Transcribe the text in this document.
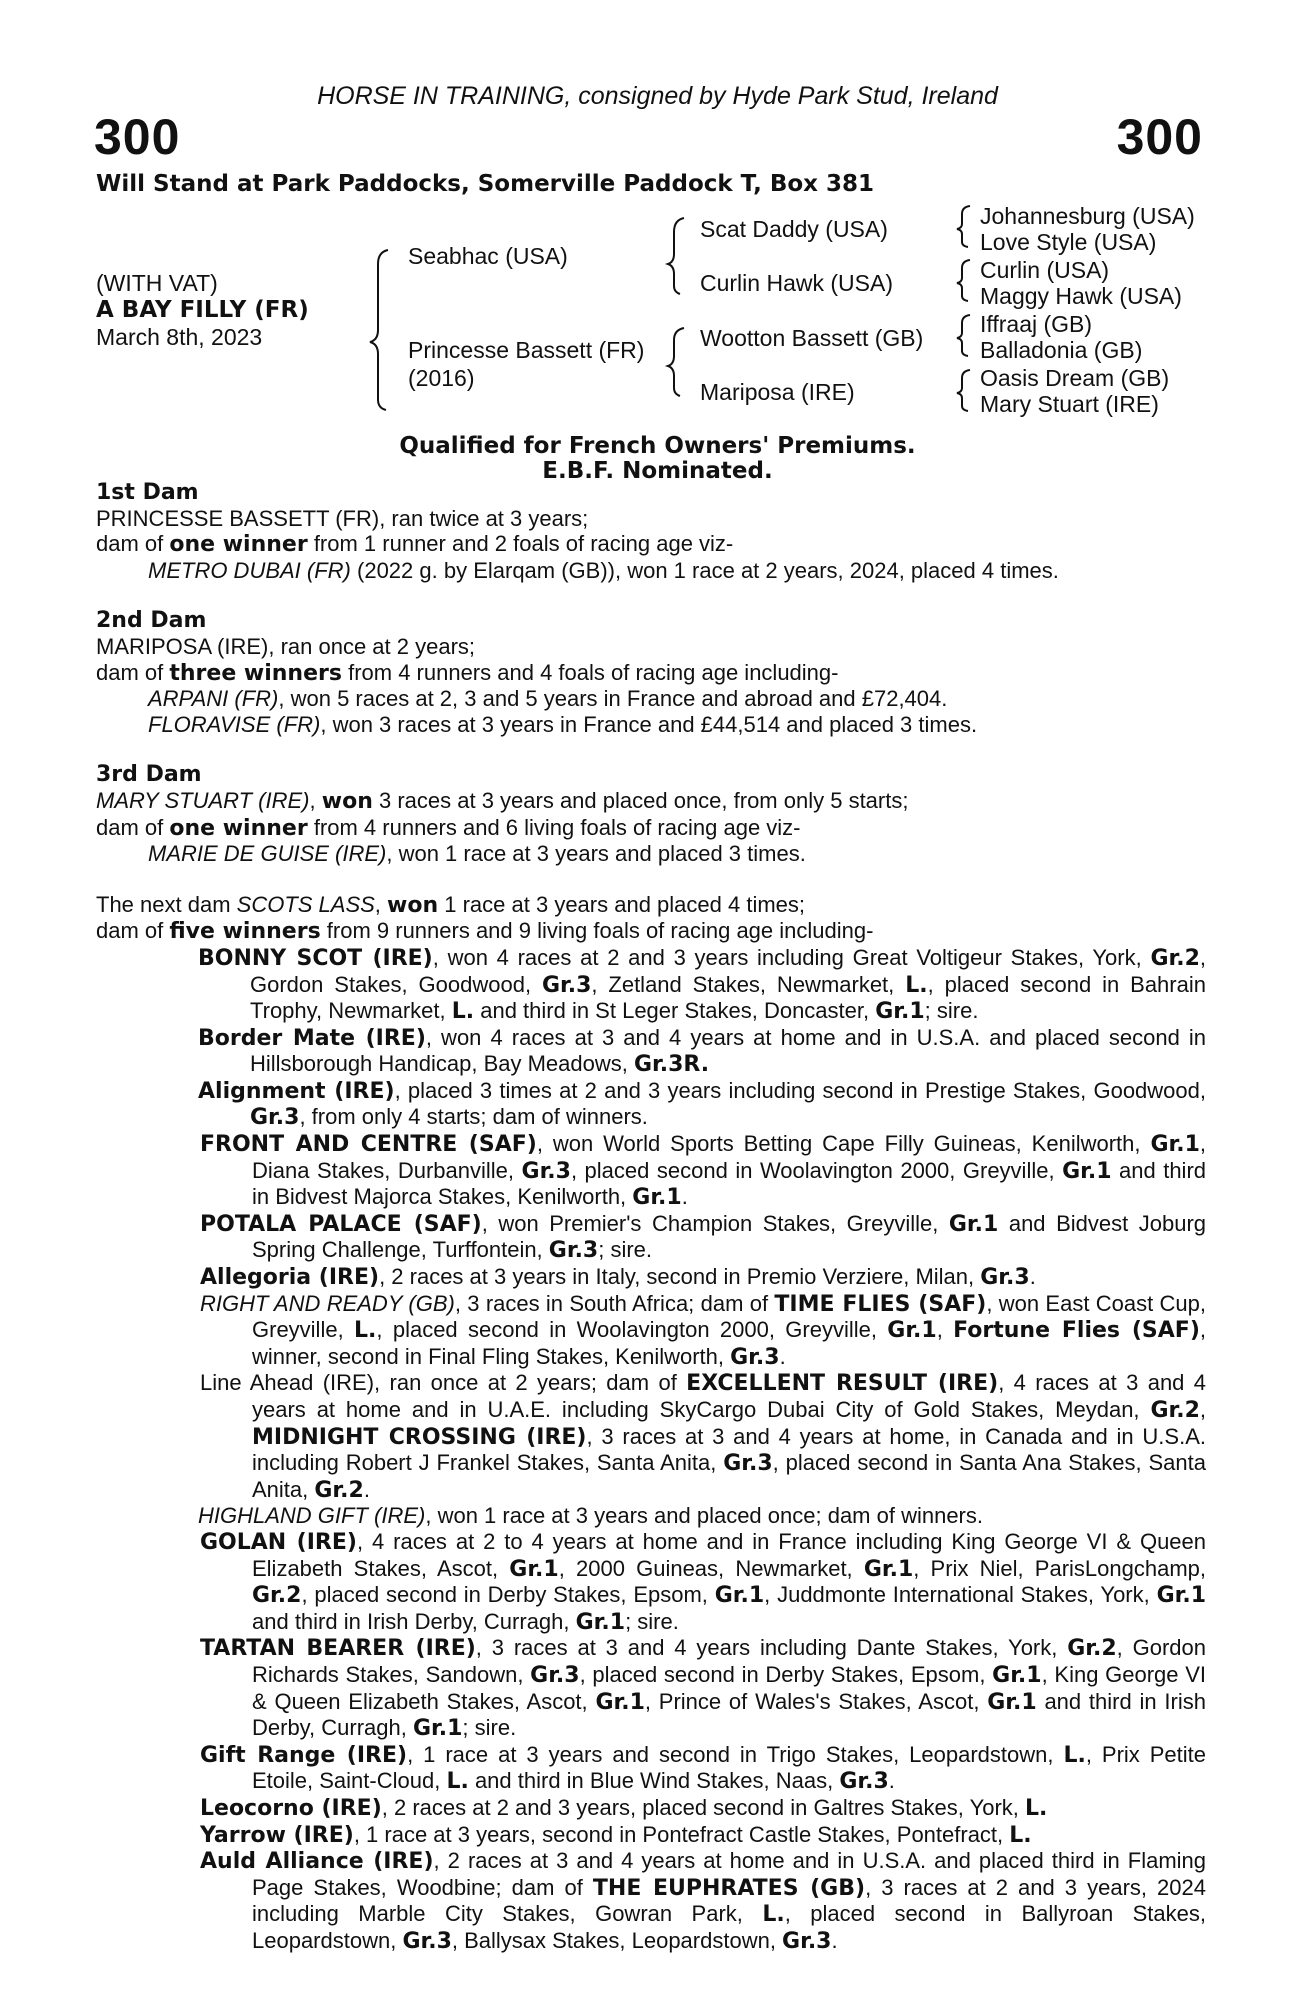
HORSE IN TRAINING, consigned by Hyde Park Stud, Ireland
300	300
Will Stand at Park Paddocks, Somerville Paddock T, Box 381
(WITH VAT)
A BAY FILLY (FR)
March 8th, 2023
Seabhac (USA)
Princesse Bassett (FR)
(2016)
Scat Daddy (USA)
Curlin Hawk (USA)
Wootton Bassett (GB)
Mariposa (IRE)
Johannesburg (USA)
Love Style (USA)
Curlin (USA)
Maggy Hawk (USA)
Iffraaj (GB)
Balladonia (GB)
Oasis Dream (GB)
Mary Stuart (IRE)
Qualified for French Owners' Premiums.
E.B.F. Nominated.

1st Dam

PRINCESSE BASSETT (FR), ran twice at 3 years;

dam of one winner from 1 runner and 2 foals of racing age viz-

METRO DUBAI (FR) (2022 g. by Elarqam (GB)), won 1 race at 2 years, 2024, placed 4 times.

2nd Dam

MARIPOSA (IRE), ran once at 2 years;

dam of three winners from 4 runners and 4 foals of racing age including-

ARPANI (FR), won 5 races at 2, 3 and 5 years in France and abroad and £72,404.

FLORAVISE (FR), won 3 races at 3 years in France and £44,514 and placed 3 times.

3rd Dam

MARY STUART (IRE), won 3 races at 3 years and placed once, from only 5 starts;

dam of one winner from 4 runners and 6 living foals of racing age viz-

MARIE DE GUISE (IRE), won 1 race at 3 years and placed 3 times.

The next dam SCOTS LASS, won 1 race at 3 years and placed 4 times;

dam of five winners from 9 runners and 9 living foals of racing age including-

BONNY SCOT (IRE), won 4 races at 2 and 3 years including Great Voltigeur Stakes, York, Gr.2, Gordon Stakes, Goodwood, Gr.3, Zetland Stakes, Newmarket, L., placed second in Bahrain Trophy, Newmarket, L. and third in St Leger Stakes, Doncaster, Gr.1; sire.

Border Mate (IRE), won 4 races at 3 and 4 years at home and in U.S.A. and placed second in Hillsborough Handicap, Bay Meadows, Gr.3R.

Alignment (IRE), placed 3 times at 2 and 3 years including second in Prestige Stakes, Goodwood, Gr.3, from only 4 starts; dam of winners.

FRONT AND CENTRE (SAF), won World Sports Betting Cape Filly Guineas, Kenilworth, Gr.1, Diana Stakes, Durbanville, Gr.3, placed second in Woolavington 2000, Greyville, Gr.1 and third in Bidvest Majorca Stakes, Kenilworth, Gr.1.

POTALA PALACE (SAF), won Premier's Champion Stakes, Greyville, Gr.1 and Bidvest Joburg Spring Challenge, Turffontein, Gr.3; sire.

Allegoria (IRE), 2 races at 3 years in Italy, second in Premio Verziere, Milan, Gr.3.

RIGHT AND READY (GB), 3 races in South Africa; dam of TIME FLIES (SAF), won East Coast Cup, Greyville, L., placed second in Woolavington 2000, Greyville, Gr.1, Fortune Flies (SAF), winner, second in Final Fling Stakes, Kenilworth, Gr.3.

Line Ahead (IRE), ran once at 2 years; dam of EXCELLENT RESULT (IRE), 4 races at 3 and 4 years at home and in U.A.E. including SkyCargo Dubai City of Gold Stakes, Meydan, Gr.2, MIDNIGHT CROSSING (IRE), 3 races at 3 and 4 years at home, in Canada and in U.S.A. including Robert J Frankel Stakes, Santa Anita, Gr.3, placed second in Santa Ana Stakes, Santa Anita, Gr.2.

HIGHLAND GIFT (IRE), won 1 race at 3 years and placed once; dam of winners.

GOLAN (IRE), 4 races at 2 to 4 years at home and in France including King George VI & Queen Elizabeth Stakes, Ascot, Gr.1, 2000 Guineas, Newmarket, Gr.1, Prix Niel, ParisLongchamp, Gr.2, placed second in Derby Stakes, Epsom, Gr.1, Juddmonte International Stakes, York, Gr.1 and third in Irish Derby, Curragh, Gr.1; sire.

TARTAN BEARER (IRE), 3 races at 3 and 4 years including Dante Stakes, York, Gr.2, Gordon Richards Stakes, Sandown, Gr.3, placed second in Derby Stakes, Epsom, Gr.1, King George VI & Queen Elizabeth Stakes, Ascot, Gr.1, Prince of Wales's Stakes, Ascot, Gr.1 and third in Irish Derby, Curragh, Gr.1; sire.

Gift Range (IRE), 1 race at 3 years and second in Trigo Stakes, Leopardstown, L., Prix Petite Etoile, Saint-Cloud, L. and third in Blue Wind Stakes, Naas, Gr.3.

Leocorno (IRE), 2 races at 2 and 3 years, placed second in Galtres Stakes, York, L.

Yarrow (IRE), 1 race at 3 years, second in Pontefract Castle Stakes, Pontefract, L.

Auld Alliance (IRE), 2 races at 3 and 4 years at home and in U.S.A. and placed third in Flaming Page Stakes, Woodbine; dam of THE EUPHRATES (GB), 3 races at 2 and 3 years, 2024 including Marble City Stakes, Gowran Park, L., placed second in Ballyroan Stakes, Leopardstown, Gr.3, Ballysax Stakes, Leopardstown, Gr.3.
